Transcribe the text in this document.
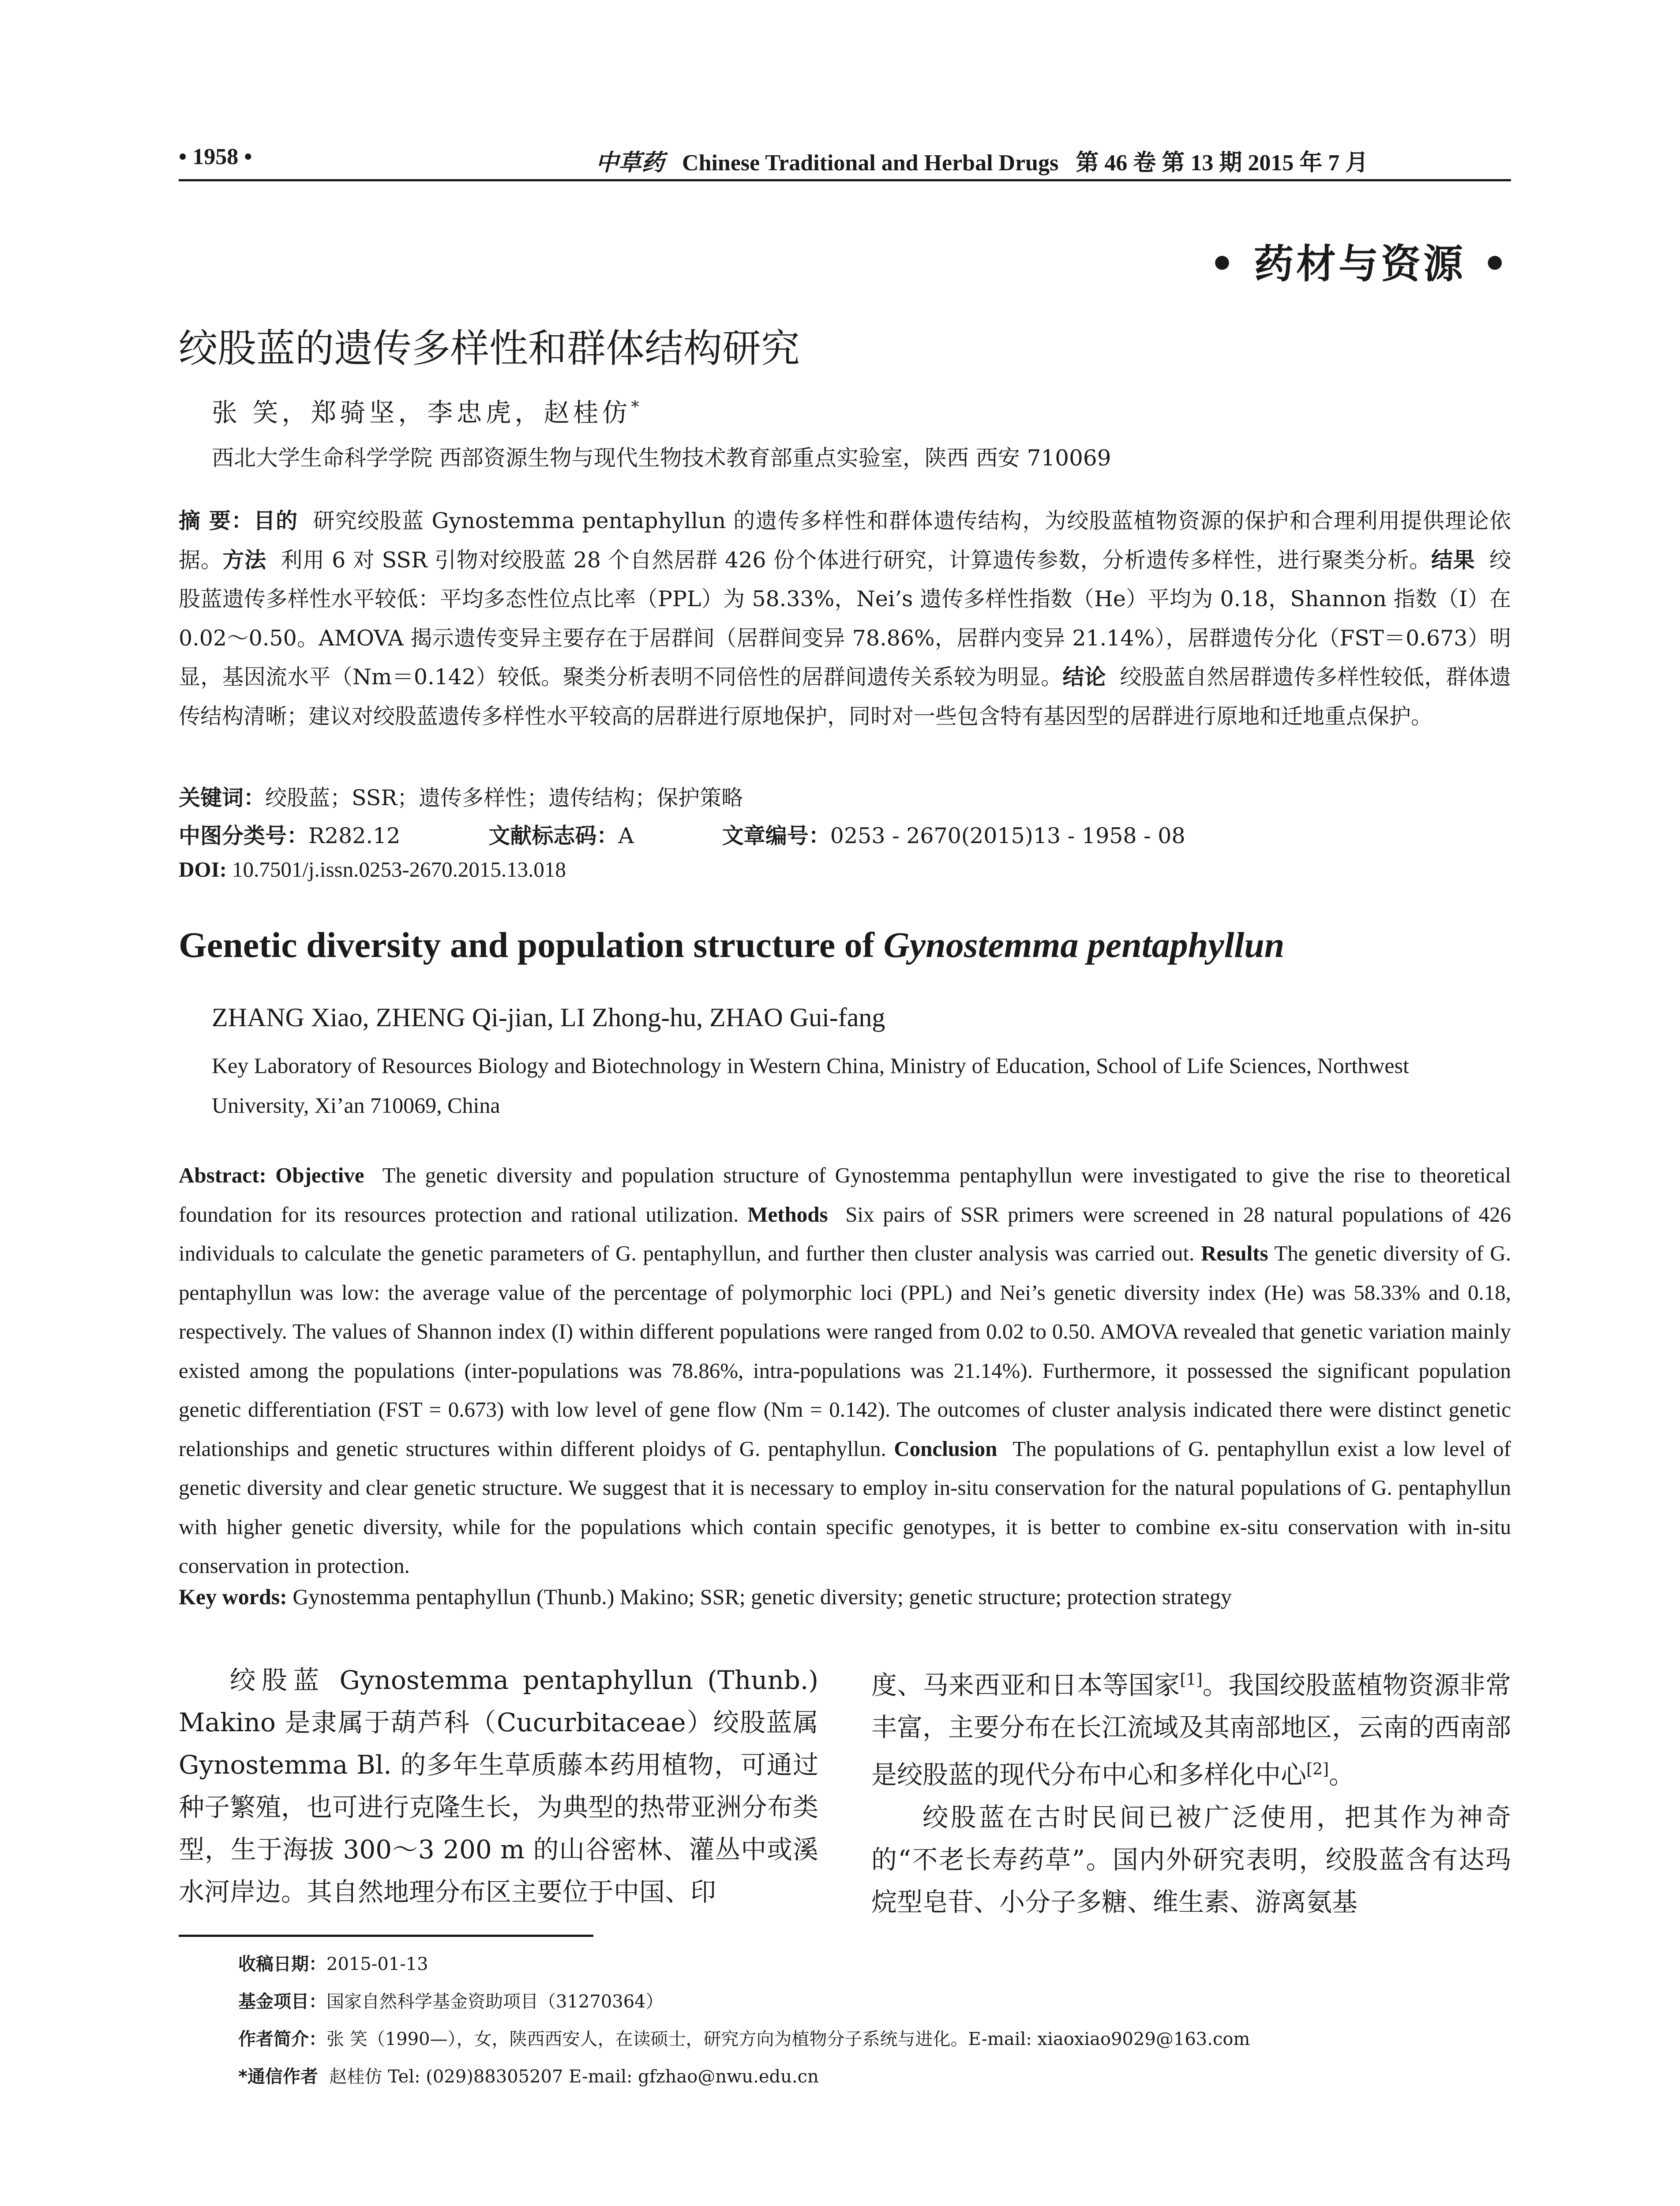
• 1958 •	中草药 Chinese Traditional and Herbal Drugs 第 46 卷 第 13 期 2015 年 7 月
• 药材与资源 •
绞股蓝的遗传多样性和群体结构研究
张 笑，郑骑坚，李忠虎，赵桂仿*
西北大学生命科学学院 西部资源生物与现代生物技术教育部重点实验室，陕西 西安 710069
摘 要：目的 研究绞股蓝 Gynostemma pentaphyllun 的遗传多样性和群体遗传结构，为绞股蓝植物资源的保护和合理利用提供理论依据。方法 利用 6 对 SSR 引物对绞股蓝 28 个自然居群 426 份个体进行研究，计算遗传参数，分析遗传多样性，进行聚类分析。结果 绞股蓝遗传多样性水平较低：平均多态性位点比率（PPL）为 58.33%，Nei’s 遗传多样性指数（He）平均为 0.18，Shannon 指数（I）在 0.02～0.50。AMOVA 揭示遗传变异主要存在于居群间（居群间变异 78.86%，居群内变异 21.14%），居群遗传分化（FST＝0.673）明显，基因流水平（Nm＝0.142）较低。聚类分析表明不同倍性的居群间遗传关系较为明显。结论 绞股蓝自然居群遗传多样性较低，群体遗传结构清晰；建议对绞股蓝遗传多样性水平较高的居群进行原地保护，同时对一些包含特有基因型的居群进行原地和迁地重点保护。
关键词：绞股蓝；SSR；遗传多样性；遗传结构；保护策略
中图分类号：R282.12	文献标志码：A	文章编号：0253 - 2670(2015)13 - 1958 - 08
DOI: 10.7501/j.issn.0253-2670.2015.13.018
Genetic diversity and population structure of Gynostemma pentaphyllun
ZHANG Xiao, ZHENG Qi-jian, LI Zhong-hu, ZHAO Gui-fang
Key Laboratory of Resources Biology and Biotechnology in Western China, Ministry of Education, School of Life Sciences, Northwest University, Xi’an 710069, China
Abstract: Objective The genetic diversity and population structure of Gynostemma pentaphyllun were investigated to give the rise to theoretical foundation for its resources protection and rational utilization. Methods Six pairs of SSR primers were screened in 28 natural populations of 426 individuals to calculate the genetic parameters of G. pentaphyllun, and further then cluster analysis was carried out. Results The genetic diversity of G. pentaphyllun was low: the average value of the percentage of polymorphic loci (PPL) and Nei’s genetic diversity index (He) was 58.33% and 0.18, respectively. The values of Shannon index (I) within different populations were ranged from 0.02 to 0.50. AMOVA revealed that genetic variation mainly existed among the populations (inter-populations was 78.86%, intra-populations was 21.14%). Furthermore, it possessed the significant population genetic differentiation (FST = 0.673) with low level of gene flow (Nm = 0.142). The outcomes of cluster analysis indicated there were distinct genetic relationships and genetic structures within different ploidys of G. pentaphyllun. Conclusion The populations of G. pentaphyllun exist a low level of genetic diversity and clear genetic structure. We suggest that it is necessary to employ in-situ conservation for the natural populations of G. pentaphyllun with higher genetic diversity, while for the populations which contain specific genotypes, it is better to combine ex-situ conservation with in-situ conservation in protection.
Key words: Gynostemma pentaphyllun (Thunb.) Makino; SSR; genetic diversity; genetic structure; protection strategy
绞股蓝 Gynostemma pentaphyllun (Thunb.) Makino 是隶属于葫芦科（Cucurbitaceae）绞股蓝属 Gynostemma Bl. 的多年生草质藤本药用植物，可通过种子繁殖，也可进行克隆生长，为典型的热带亚洲分布类型，生于海拔 300～3 200 m 的山谷密林、灌丛中或溪水河岸边。其自然地理分布区主要位于中国、印
度、马来西亚和日本等国家[1]。我国绞股蓝植物资源非常丰富，主要分布在长江流域及其南部地区，云南的西南部是绞股蓝的现代分布中心和多样化中心[2]。
绞股蓝在古时民间已被广泛使用，把其作为神奇的“不老长寿药草”。国内外研究表明，绞股蓝含有达玛烷型皂苷、小分子多糖、维生素、游离氨基
收稿日期：2015-01-13
基金项目：国家自然科学基金资助项目（31270364）
作者简介：张 笑（1990—），女，陕西西安人，在读硕士，研究方向为植物分子系统与进化。E-mail: xiaoxiao9029@163.com
*通信作者 赵桂仿 Tel: (029)88305207 E-mail: gfzhao@nwu.edu.cn
